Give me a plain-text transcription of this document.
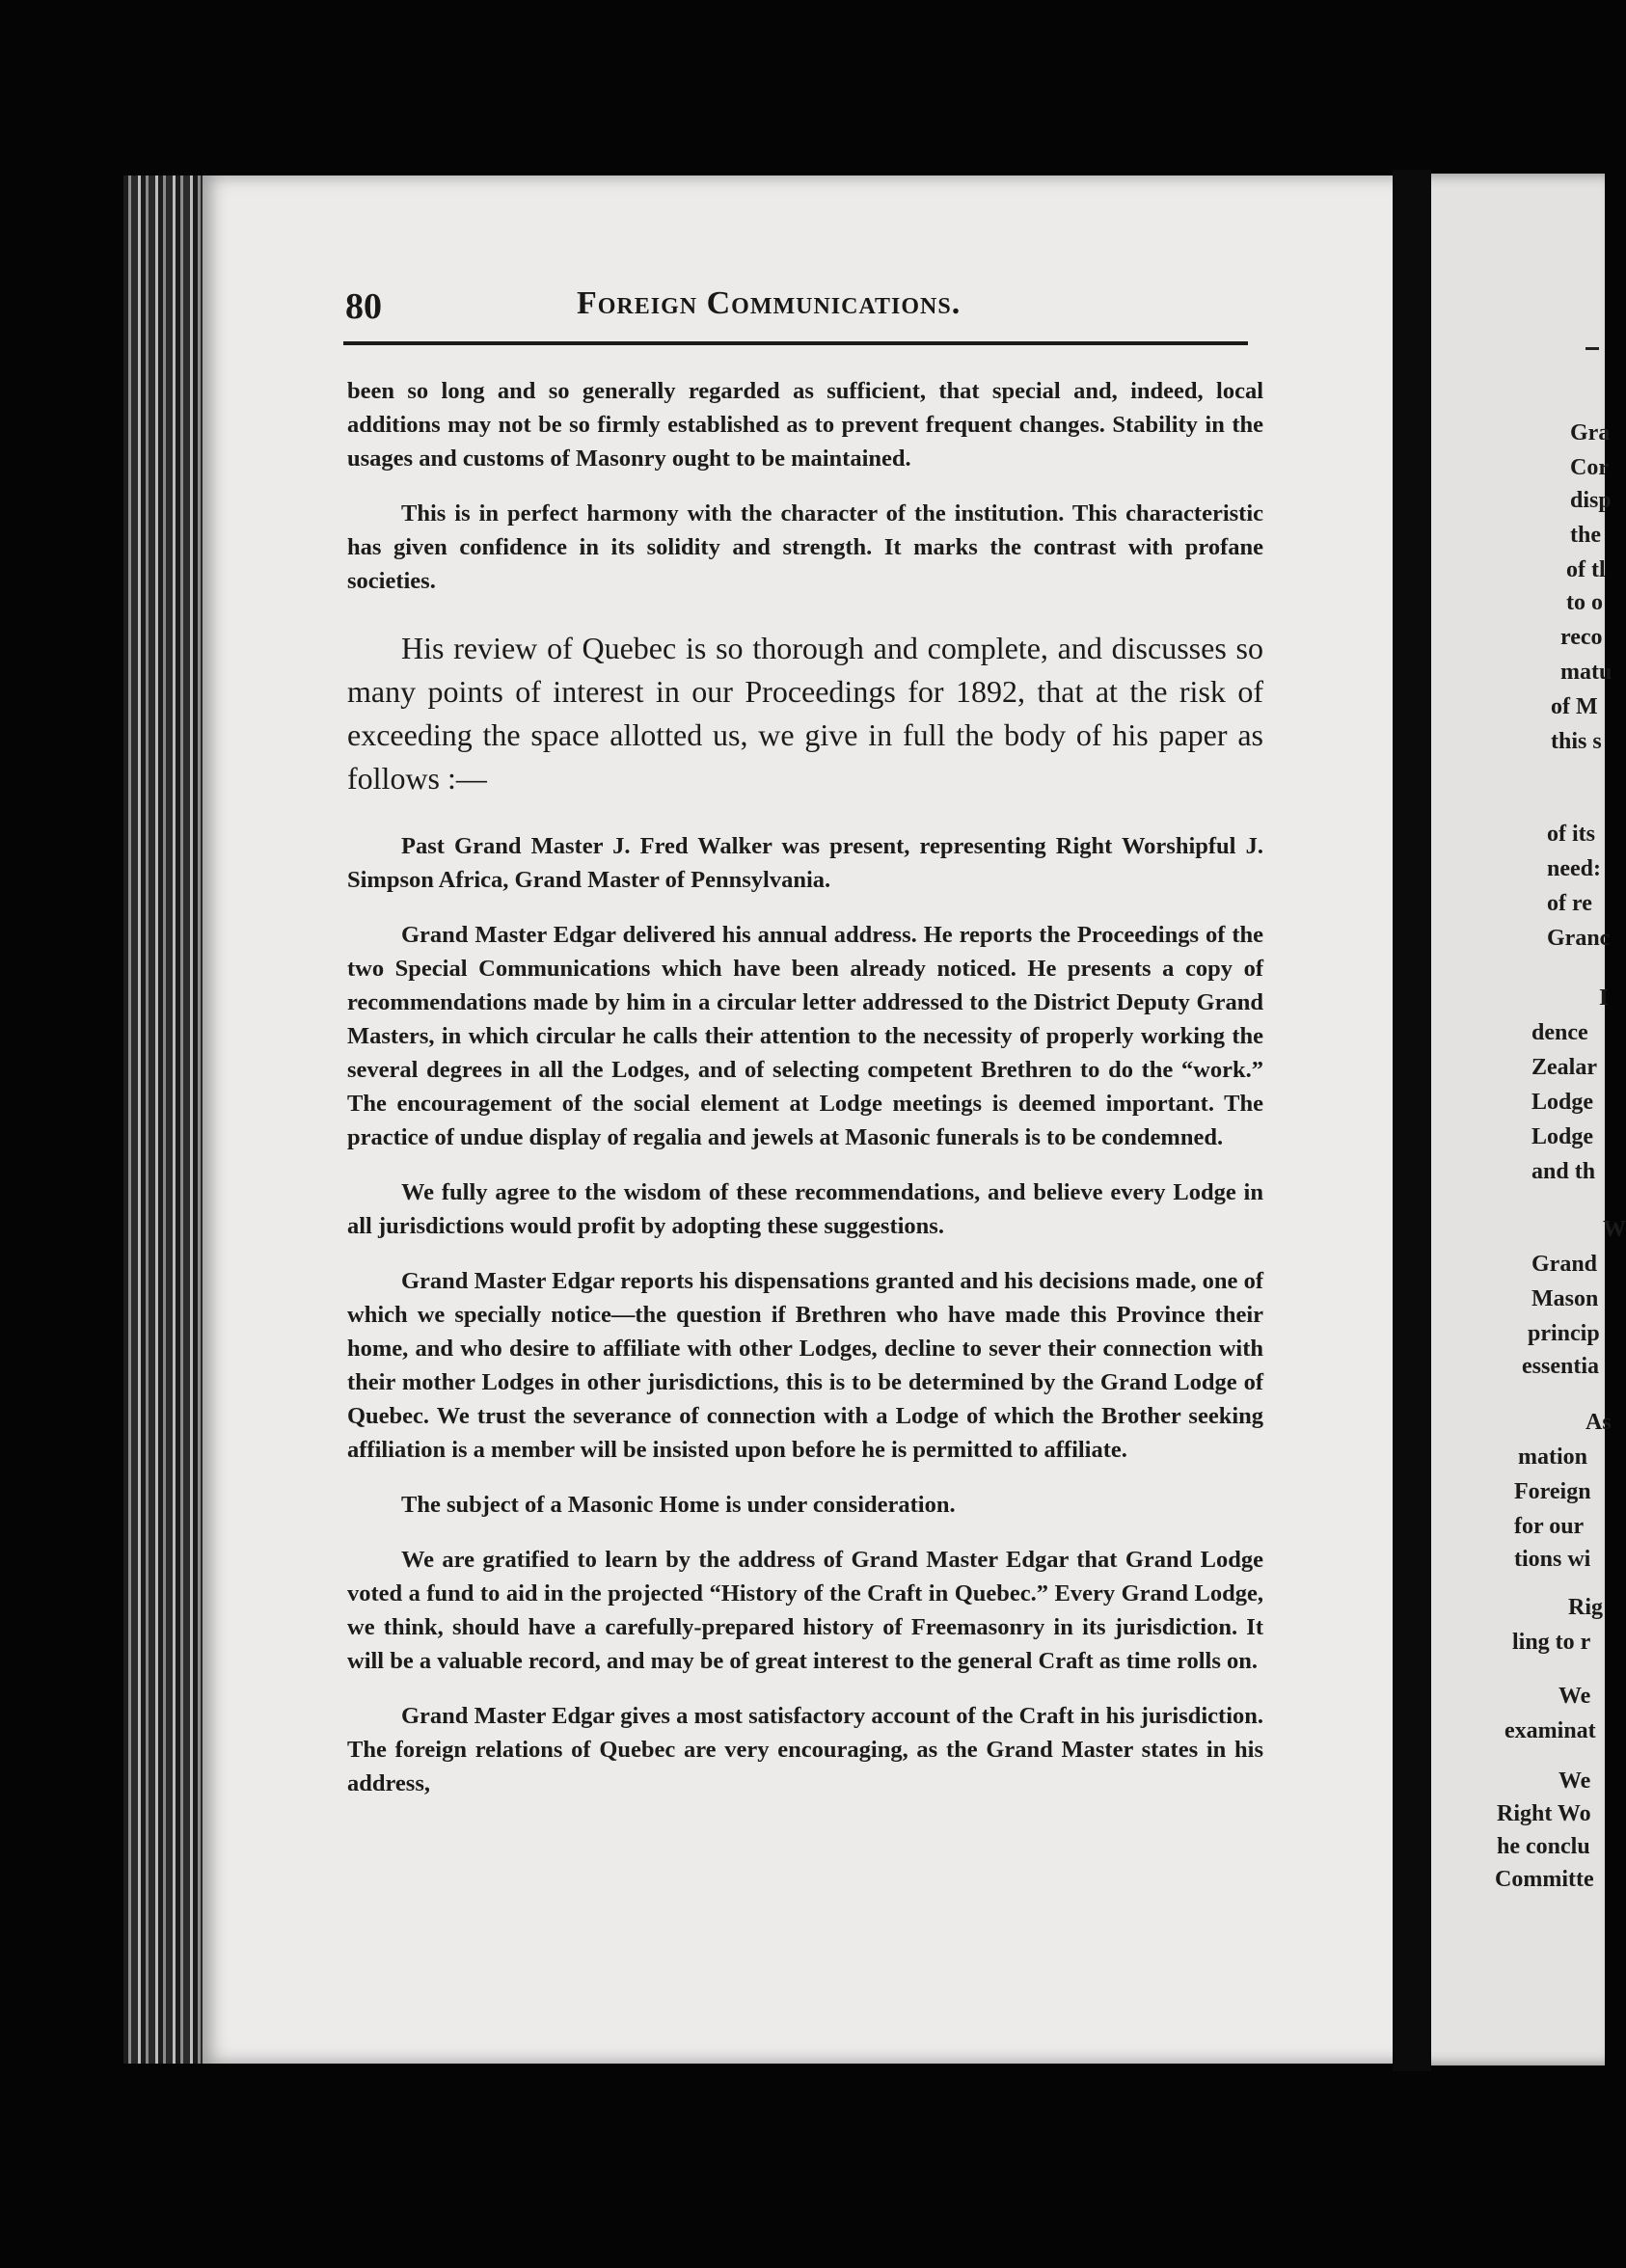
80	Foreign Communications.

been so long and so generally regarded as sufficient, that special and, indeed, local additions may not be so firmly established as to prevent frequent changes. Stability in the usages and customs of Masonry ought to be maintained.

This is in perfect harmony with the character of the institution. This characteristic has given confidence in its solidity and strength. It marks the contrast with profane societies.

His review of Quebec is so thorough and complete, and discusses so many points of interest in our Proceedings for 1892, that at the risk of exceeding the space allotted us, we give in full the body of his paper as follows :—

Past Grand Master J. Fred Walker was present, representing Right Worshipful J. Simpson Africa, Grand Master of Pennsylvania.

Grand Master Edgar delivered his annual address. He reports the Proceedings of the two Special Communications which have been already noticed. He presents a copy of recommendations made by him in a circular letter addressed to the District Deputy Grand Masters, in which circular he calls their attention to the necessity of properly working the several degrees in all the Lodges, and of selecting competent Brethren to do the “work.” The encouragement of the social element at Lodge meetings is deemed important. The practice of undue display of regalia and jewels at Masonic funerals is to be condemned.

We fully agree to the wisdom of these recommendations, and believe every Lodge in all jurisdictions would profit by adopting these suggestions.

Grand Master Edgar reports his dispensations granted and his decisions made, one of which we specially notice—the question if Brethren who have made this Province their home, and who desire to affiliate with other Lodges, decline to sever their connection with their mother Lodges in other jurisdictions, this is to be determined by the Grand Lodge of Quebec. We trust the severance of connection with a Lodge of which the Brother seeking affiliation is a member will be insisted upon before he is permitted to affiliate.

The subject of a Masonic Home is under consideration.

We are gratified to learn by the address of Grand Master Edgar that Grand Lodge voted a fund to aid in the projected “History of the Craft in Quebec.” Every Grand Lodge, we think, should have a carefully-prepared history of Freemasonry in its jurisdiction. It will be a valuable record, and may be of great interest to the general Craft as time rolls on.

Grand Master Edgar gives a most satisfactory account of the Craft in his jurisdiction. The foreign relations of Quebec are very encouraging, as the Grand Master states in his address,

Gra
Cor
disp
the
of tl
to o
reco
matu
of M
this s
of its
need:
of re
Granc
I
dence
Zealar
Lodge
Lodge
and th
W
Grand
Mason
princip
essentia
As
mation
Foreign
for our
tions wi
Rig
ling to r
We
examinat
We
Right Wo
he conclu
Committe
